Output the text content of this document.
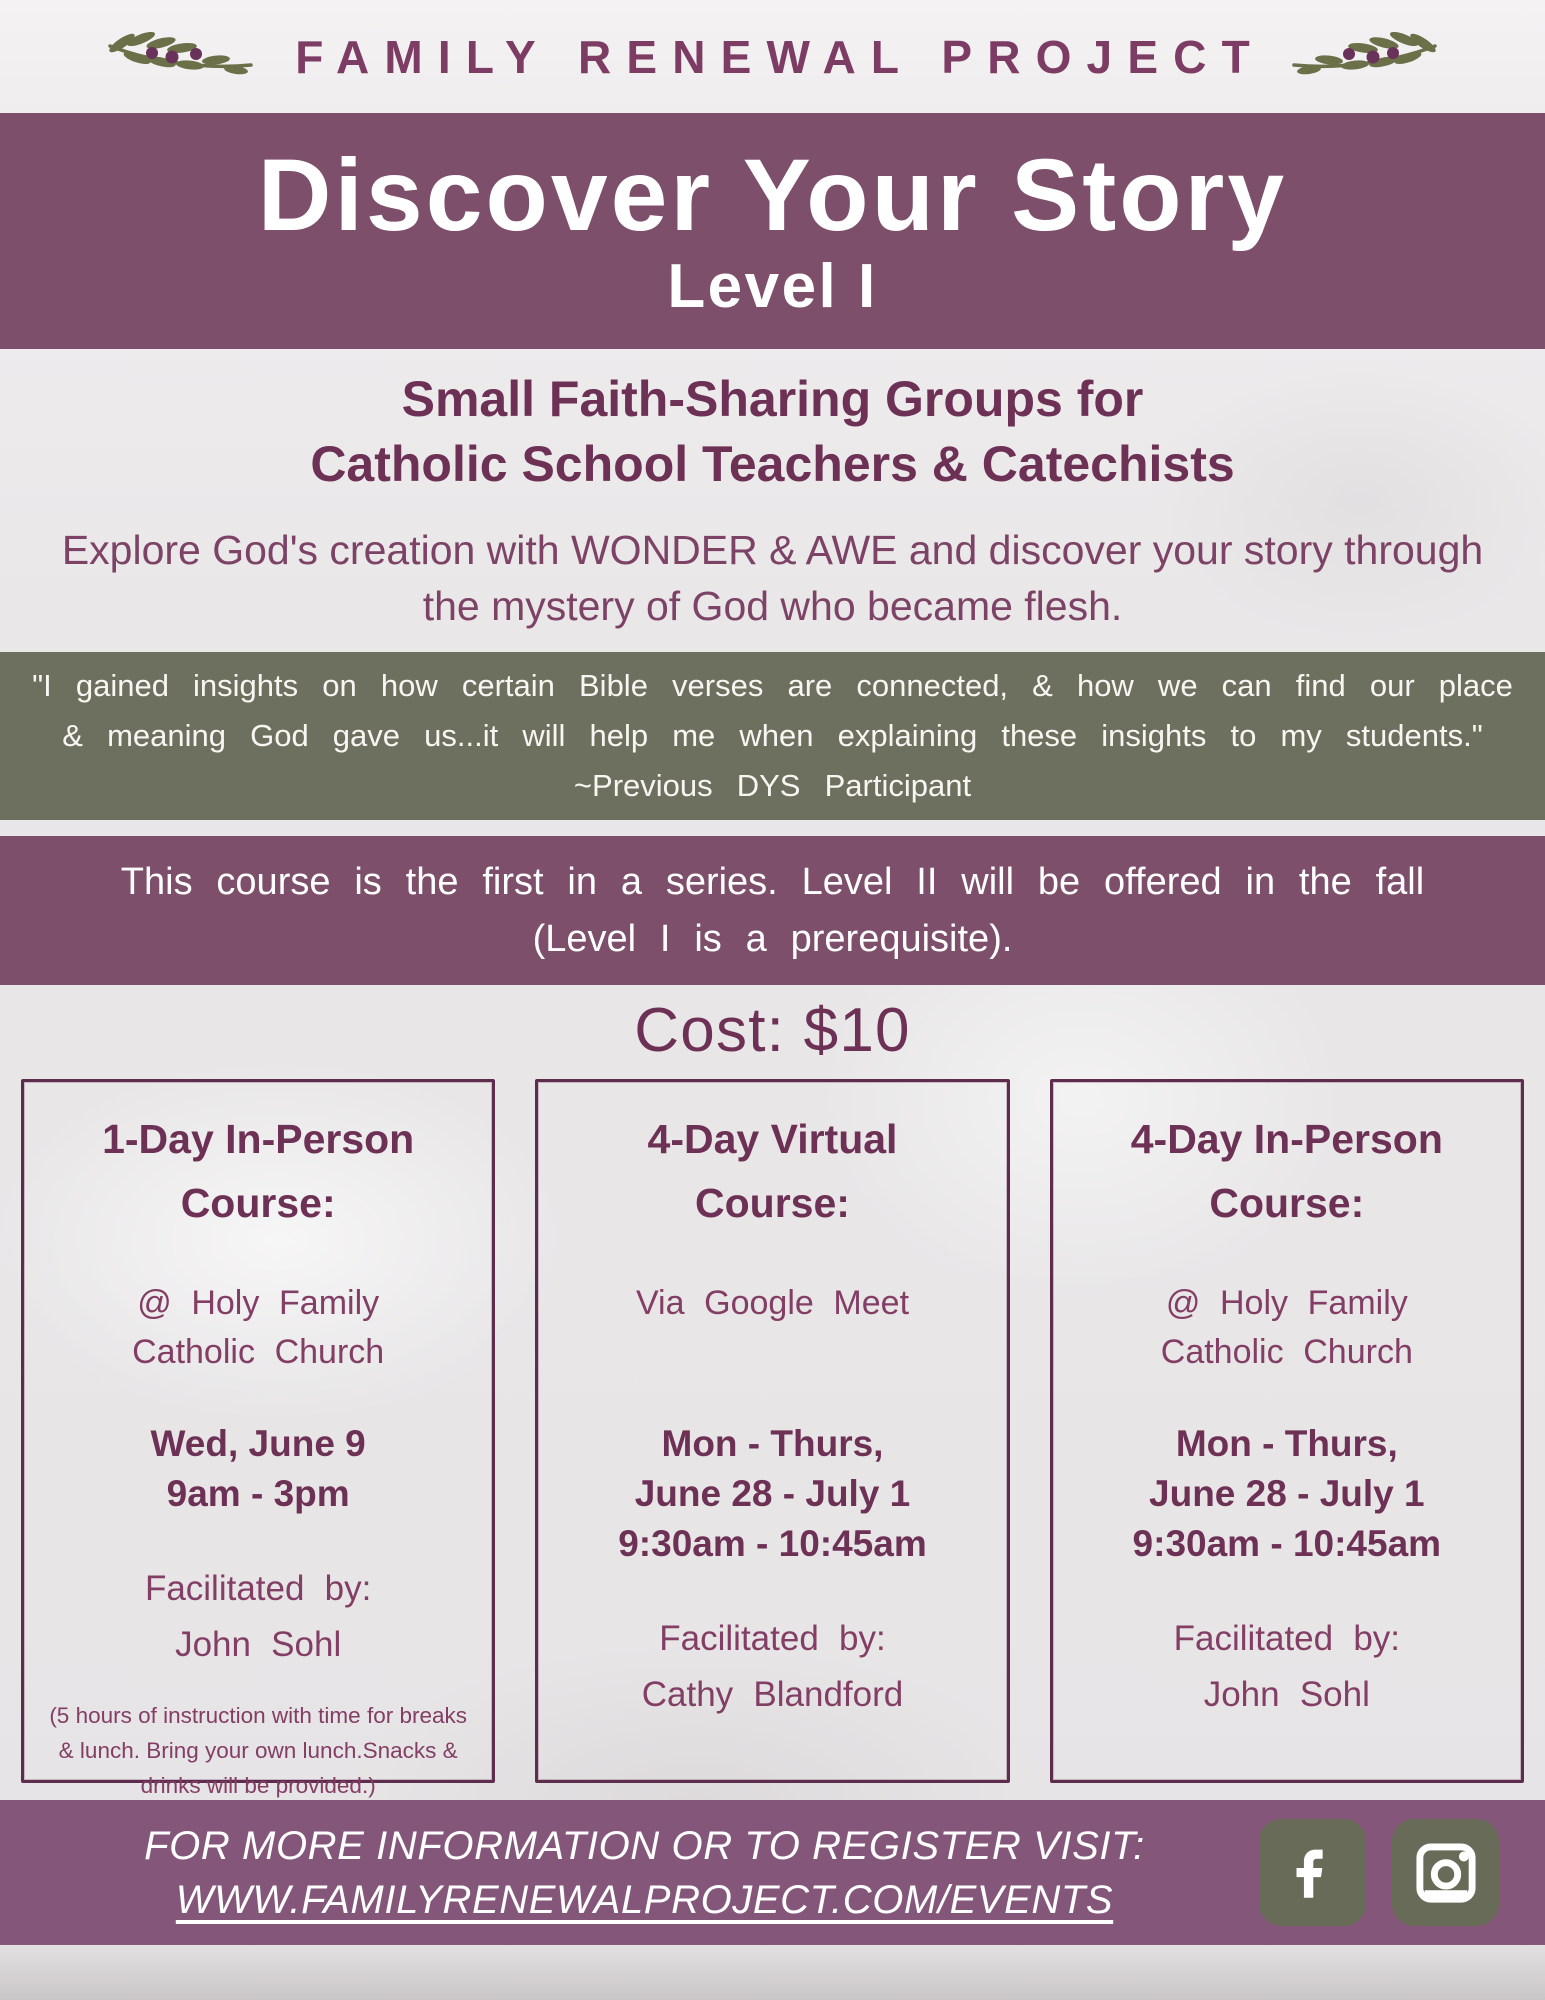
FAMILY RENEWAL PROJECT
Discover Your Story
Level I
Small Faith-Sharing Groups for
Catholic School Teachers & Catechists

Explore God's creation with WONDER & AWE and discover your story through the mystery of God who became flesh.

"I gained insights on how certain Bible verses are connected, & how we can find our place & meaning God gave us...it will help me when explaining these insights to my students." ~Previous DYS Participant

This course is the first in a series. Level II will be offered in the fall
(Level I is a prerequisite).
Cost: $10
1-Day In-Person
Course:
@ Holy Family Catholic Church
Wed, June 9
9am - 3pm
Facilitated by:
John Sohl

(5 hours of instruction with time for breaks & lunch. Bring your own lunch.Snacks & drinks will be provided.)

4-Day Virtual
Course:
Via Google Meet
Mon - Thurs,
June 28 - July 1
9:30am - 10:45am
Facilitated by:
Cathy Blandford

4-Day In-Person
Course:
@ Holy Family Catholic Church
Mon - Thurs,
June 28 - July 1
9:30am - 10:45am
Facilitated by:
John Sohl

FOR MORE INFORMATION OR TO REGISTER VISIT:
WWW.FAMILYRENEWALPROJECT.COM/EVENTS
